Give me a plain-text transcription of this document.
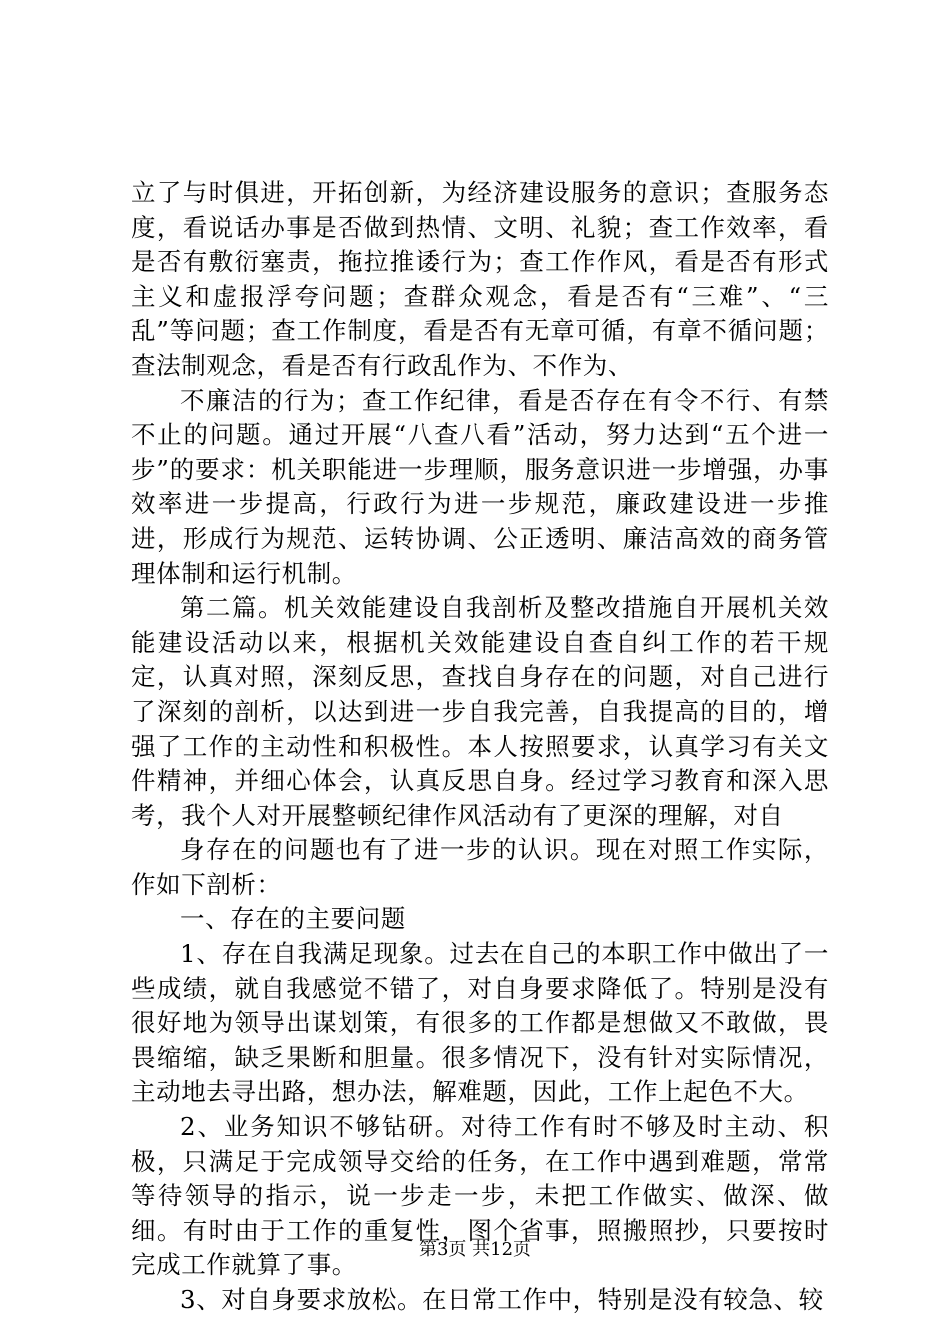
立了与时俱进，开拓创新，为经济建设服务的意识；查服务态度，看说话办事是否做到热情、文明、礼貌；查工作效率，看是否有敷衍塞责，拖拉推诿行为；查工作作风，看是否有形式主义和虚报浮夸问题；查群众观念，看是否有“三难”、“三乱”等问题；查工作制度，看是否有无章可循，有章不循问题；查法制观念，看是否有行政乱作为、不作为、

不廉洁的行为；查工作纪律，看是否存在有令不行、有禁不止的问题。通过开展“八查八看”活动，努力达到“五个进一步”的要求：机关职能进一步理顺，服务意识进一步增强，办事效率进一步提高，行政行为进一步规范，廉政建设进一步推进，形成行为规范、运转协调、公正透明、廉洁高效的商务管理体制和运行机制。

第二篇。机关效能建设自我剖析及整改措施自开展机关效能建设活动以来，根据机关效能建设自查自纠工作的若干规定，认真对照，深刻反思，查找自身存在的问题，对自己进行了深刻的剖析，以达到进一步自我完善，自我提高的目的，增强了工作的主动性和积极性。本人按照要求，认真学习有关文件精神，并细心体会，认真反思自身。经过学习教育和深入思考，我个人对开展整顿纪律作风活动有了更深的理解，对自

身存在的问题也有了进一步的认识。现在对照工作实际，作如下剖析：

一、存在的主要问题

1、存在自我满足现象。过去在自己的本职工作中做出了一些成绩，就自我感觉不错了，对自身要求降低了。特别是没有很好地为领导出谋划策，有很多的工作都是想做又不敢做，畏畏缩缩，缺乏果断和胆量。很多情况下，没有针对实际情况，主动地去寻出路，想办法，解难题，因此，工作上起色不大。

2、业务知识不够钻研。对待工作有时不够及时主动、积极，只满足于完成领导交给的任务，在工作中遇到难题，常常等待领导的指示，说一步走一步，未把工作做实、做深、做细。有时由于工作的重复性，图个省事，照搬照抄，只要按时完成工作就算了事。

3、对自身要求放松。在日常工作中，特别是没有较急、较

第3页 共12页
